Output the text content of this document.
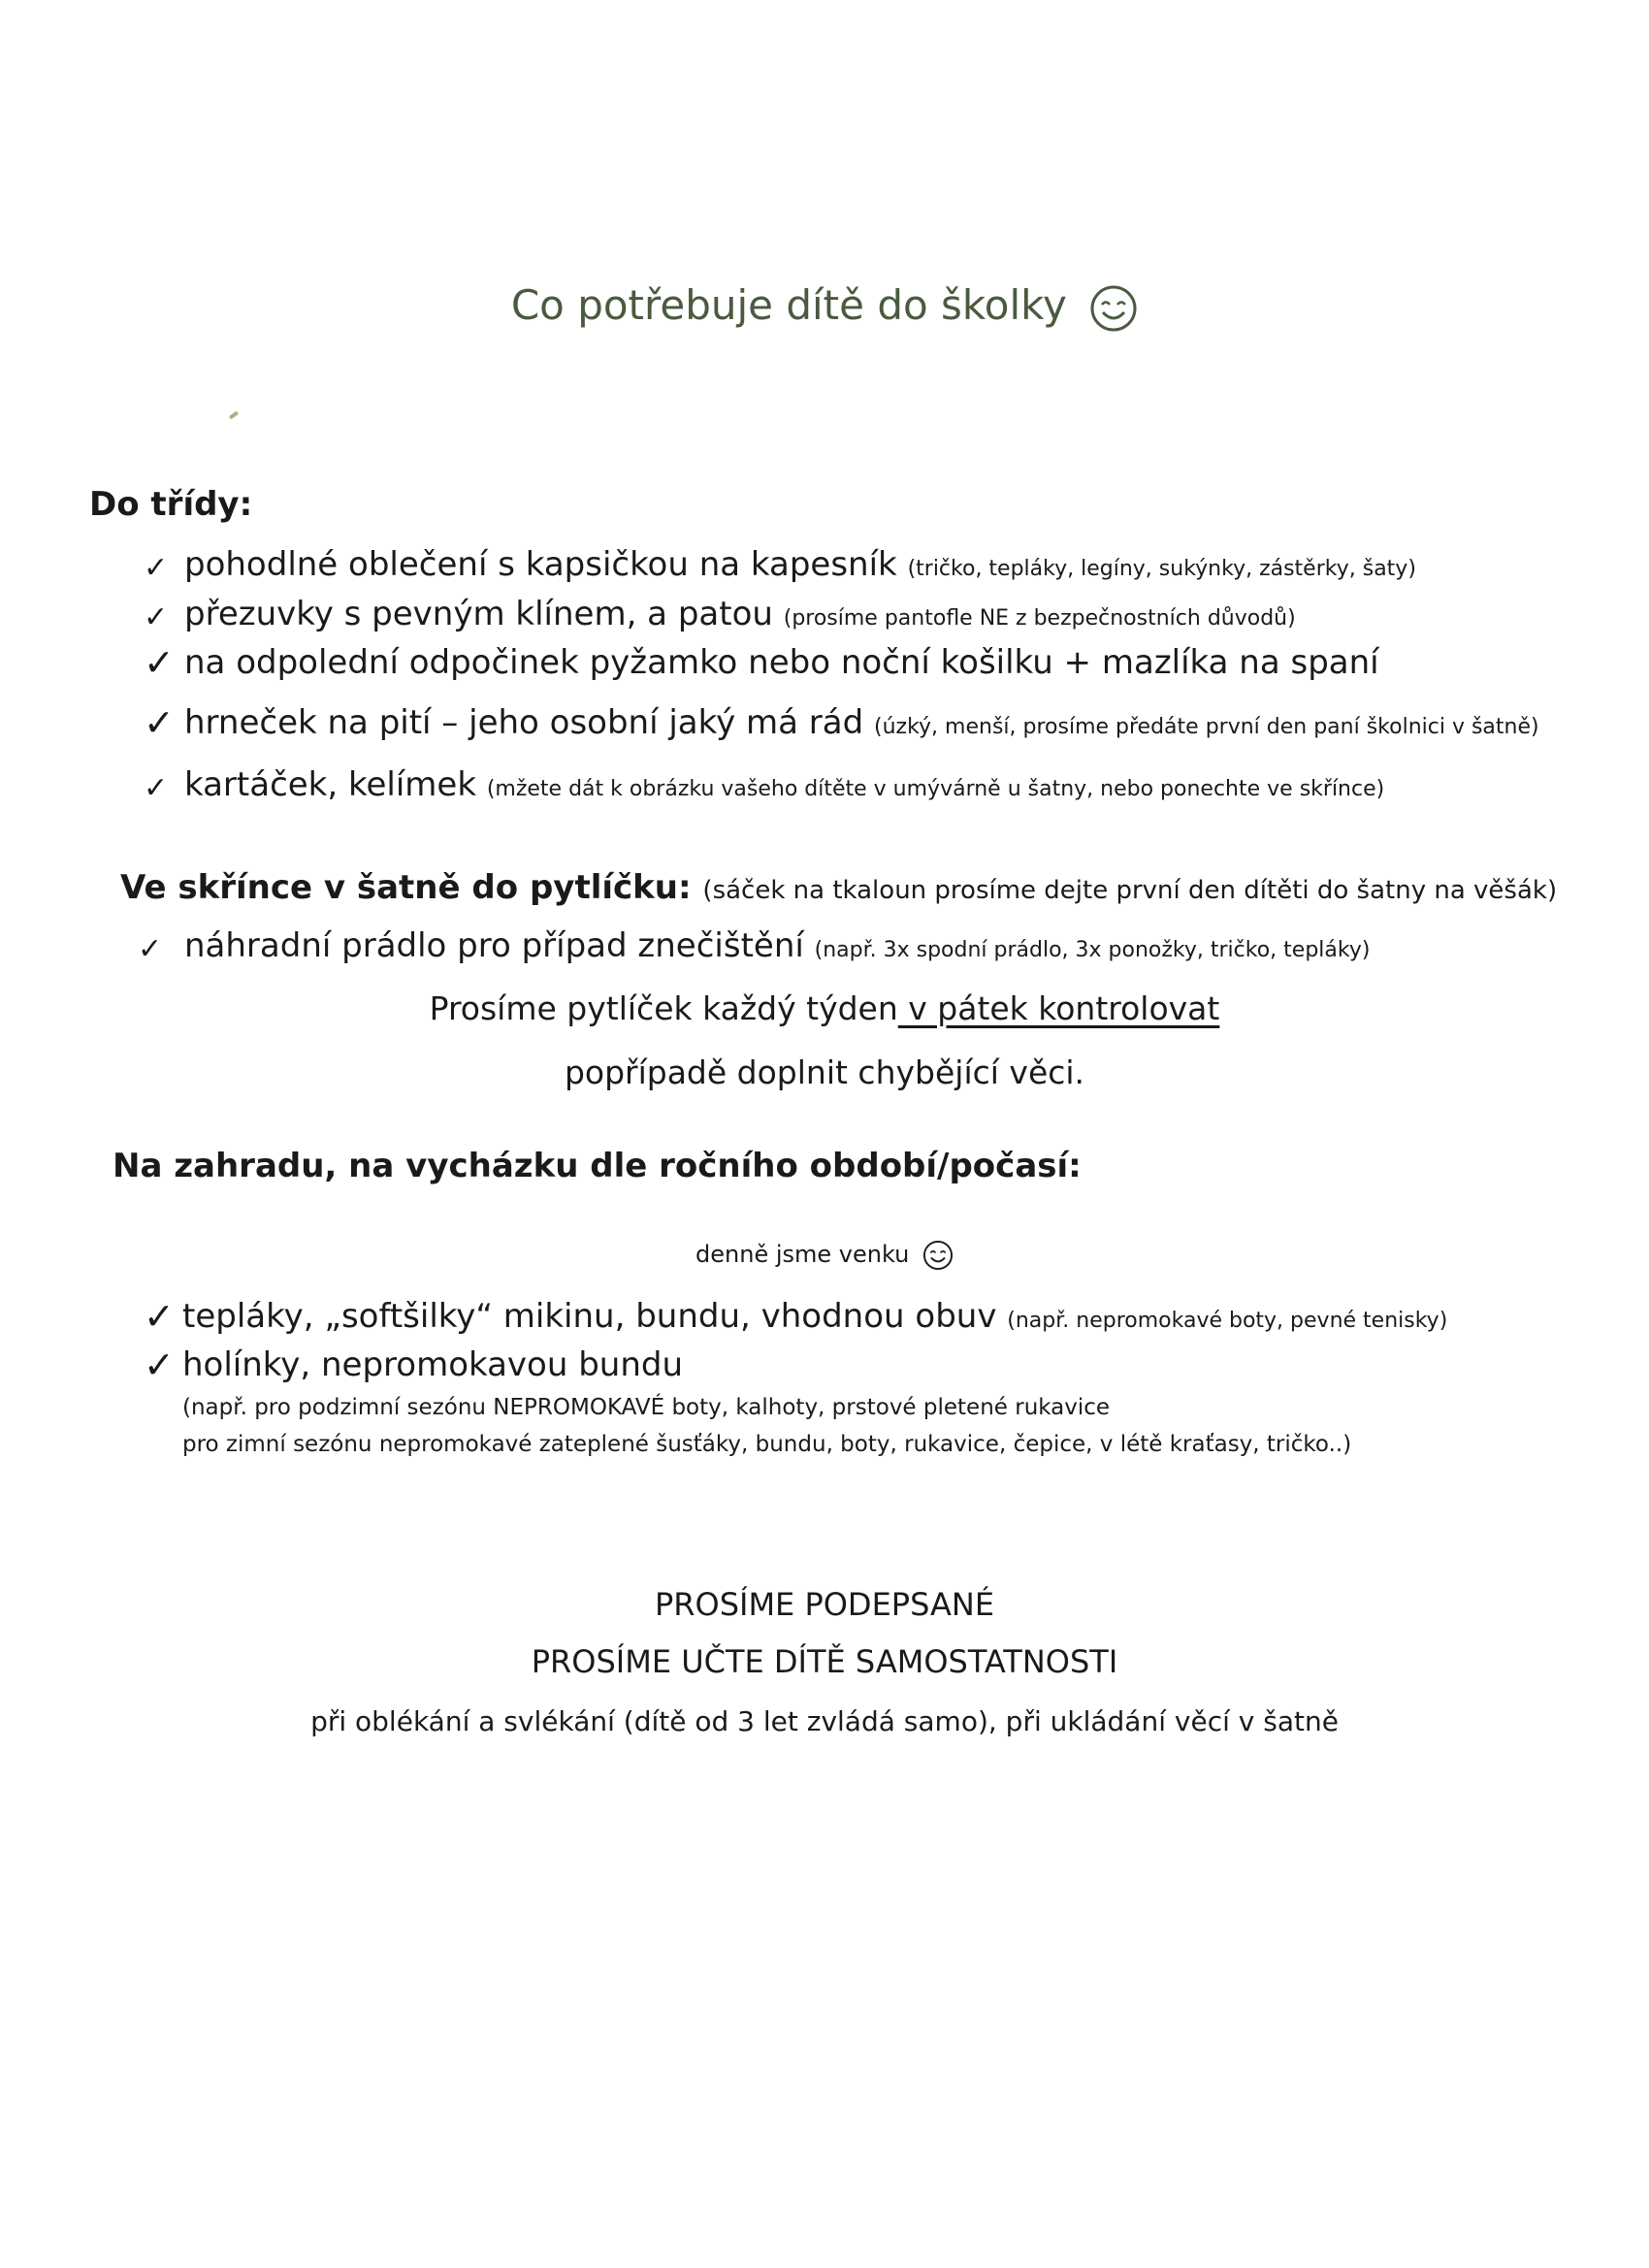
Co potřebuje dítě do školky
Do třídy:
✓ pohodlné oblečení s kapsičkou na kapesník (tričko, tepláky, legíny, sukýnky, zástěrky, šaty)
✓ přezuvky s pevným klínem, a patou (prosíme pantofle NE z bezpečnostních důvodů)
✓ na odpolední odpočinek pyžamko nebo noční košilku + mazlíka na spaní
✓ hrneček na pití – jeho osobní jaký má rád (úzký, menší, prosíme předáte první den paní školnici v šatně)
✓ kartáček, kelímek (mžete dát k obrázku vašeho dítěte v umývárně u šatny, nebo ponechte ve skřínce)
Ve skřínce v šatně do pytlíčku: (sáček na tkaloun prosíme dejte první den dítěti do šatny na věšák)
✓ náhradní prádlo pro případ znečištění (např. 3x spodní prádlo, 3x ponožky, tričko, tepláky)
Prosíme pytlíček každý týden v pátek kontrolovat
popřípadě doplnit chybějící věci.
Na zahradu, na vycházku dle ročního období/počasí:
denně jsme venku
✓ tepláky, „softšilky“ mikinu, bundu, vhodnou obuv (např. nepromokavé boty, pevné tenisky)
✓ holínky, nepromokavou bundu
(např. pro podzimní sezónu NEPROMOKAVÉ boty, kalhoty, prstové pletené rukavice
pro zimní sezónu nepromokavé zateplené šusťáky, bundu, boty, rukavice, čepice, v létě kraťasy, tričko..)
PROSÍME PODEPSANÉ
PROSÍME UČTE DÍTĚ SAMOSTATNOSTI
při oblékání a svlékání (dítě od 3 let zvládá samo), při ukládání věcí v šatně
